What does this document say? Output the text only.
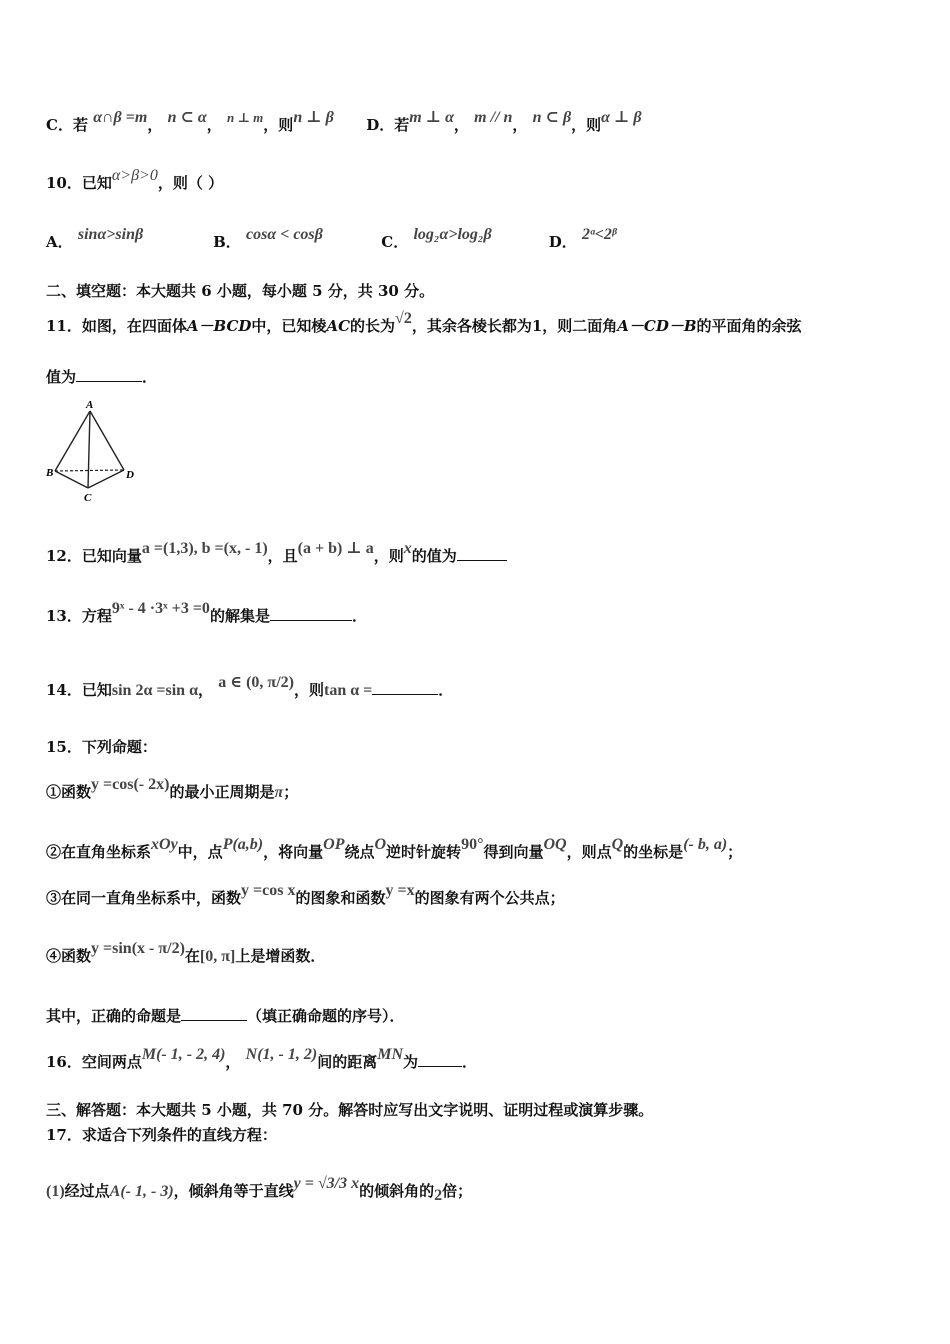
C．若 α∩β =m， n ⊂ α， n ⊥ m，则n ⊥ β D．若m ⊥ α， m // n， n ⊂ β，则α ⊥ β
10．已知α>β>0，则（ ）
A． sinα>sinβ	B． cosα < cosβ	C． log₂α>log₂β	D． 2ᵅ<2ᵝ
二、填空题：本大题共 6 小题，每小题 5 分，共 30 分。
11．如图，在四面体A－BCD中，已知棱AC的长为√2，其余各棱长都为1，则二面角A－CD－B的平面角的余弦
值为	．
A
B
C
D
12．已知向量a =(1,3), b =(x, - 1)，且(a + b) ⊥ a，则x的值为
13．方程9ˣ - 4 ·3ˣ +3 =0的解集是	．
14．已知sin 2α =sin α， a ∈ (0, π/2)，则tan α =	．
15．下列命题：
①函数y =cos(- 2x)的最小正周期是π；
②在直角坐标系xOy中，点P(a,b)，将向量OP绕点O逆时针旋转90°得到向量OQ，则点Q的坐标是(- b, a)；
③在同一直角坐标系中，函数y =cos x的图象和函数y =x的图象有两个公共点；
④函数y =sin(x - π/2)在[0, π]上是增函数．
其中，正确的命题是	（填正确命题的序号）．
16．空间两点M(- 1, - 2, 4)， N(1, - 1, 2)间的距离MN为	．
三、解答题：本大题共 5 小题，共 70 分。解答时应写出文字说明、证明过程或演算步骤。
17．求适合下列条件的直线方程：
(1)经过点A(- 1, - 3)，倾斜角等于直线y = √3/3 x的倾斜角的2倍；
